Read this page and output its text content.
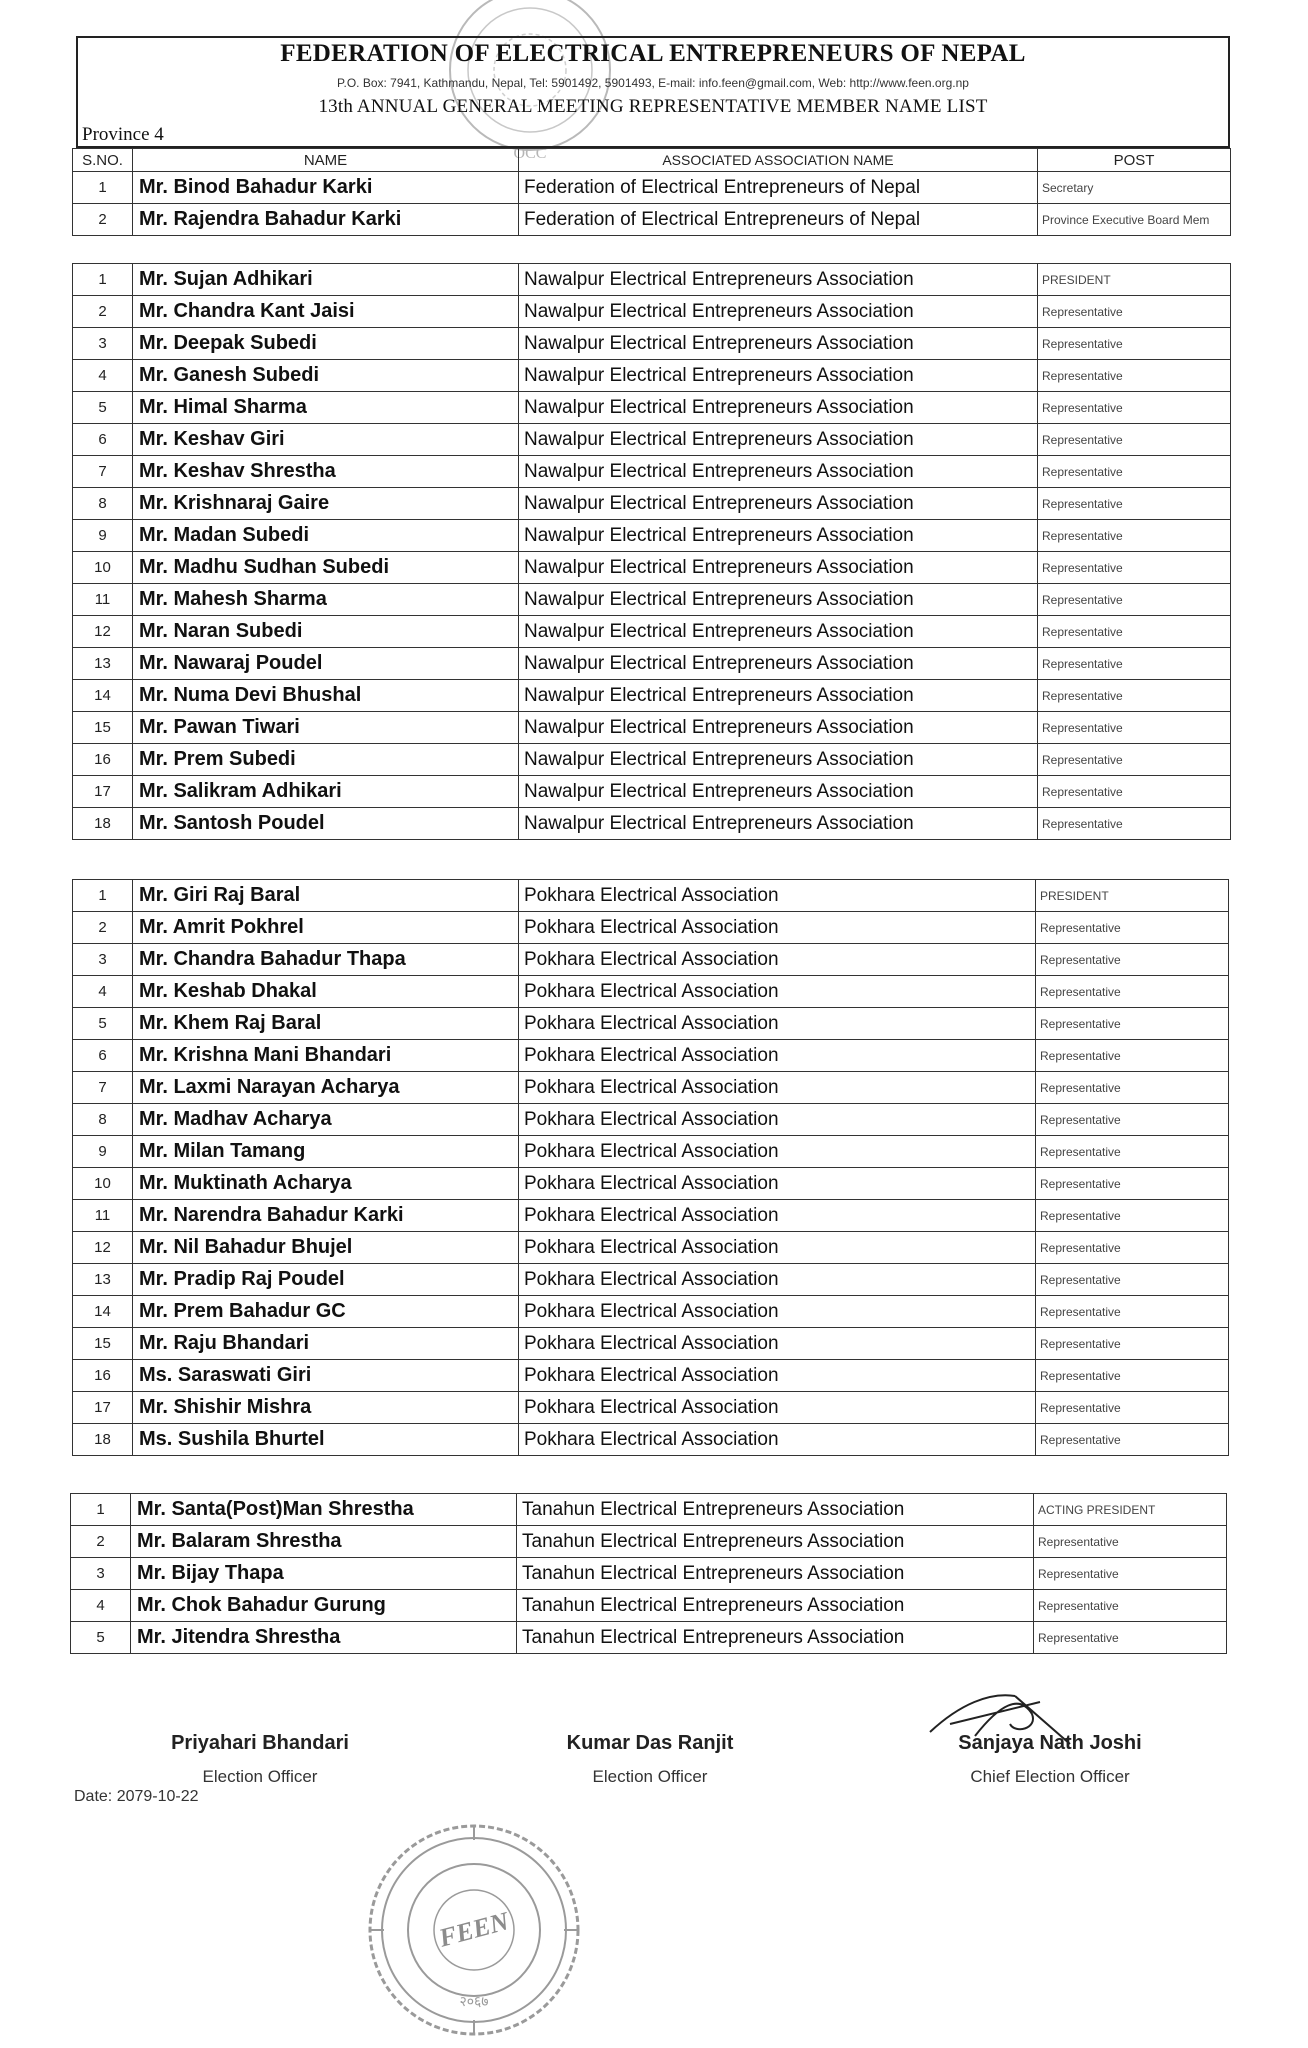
OCC
FEDERATION OF ELECTRICAL ENTREPRENEURS OF NEPAL
P.O. Box: 7941, Kathmandu, Nepal, Tel: 5901492, 5901493, E-mail: info.feen@gmail.com, Web: http://www.feen.org.np
13th ANNUAL GENERAL MEETING REPRESENTATIVE MEMBER NAME LIST
Province 4
S.NO.	NAME	ASSOCIATED ASSOCIATION NAME	POST
1	Mr. Binod Bahadur Karki	Federation of Electrical Entrepreneurs of Nepal	Secretary
2	Mr. Rajendra Bahadur Karki	Federation of Electrical Entrepreneurs of Nepal	Province Executive Board Mem
1	Mr. Sujan Adhikari	Nawalpur Electrical Entrepreneurs Association	PRESIDENT
2	Mr. Chandra Kant Jaisi	Nawalpur Electrical Entrepreneurs Association	Representative
3	Mr. Deepak Subedi	Nawalpur Electrical Entrepreneurs Association	Representative
4	Mr. Ganesh Subedi	Nawalpur Electrical Entrepreneurs Association	Representative
5	Mr. Himal Sharma	Nawalpur Electrical Entrepreneurs Association	Representative
6	Mr. Keshav Giri	Nawalpur Electrical Entrepreneurs Association	Representative
7	Mr. Keshav Shrestha	Nawalpur Electrical Entrepreneurs Association	Representative
8	Mr. Krishnaraj Gaire	Nawalpur Electrical Entrepreneurs Association	Representative
9	Mr. Madan Subedi	Nawalpur Electrical Entrepreneurs Association	Representative
10	Mr. Madhu Sudhan Subedi	Nawalpur Electrical Entrepreneurs Association	Representative
11	Mr. Mahesh Sharma	Nawalpur Electrical Entrepreneurs Association	Representative
12	Mr. Naran Subedi	Nawalpur Electrical Entrepreneurs Association	Representative
13	Mr. Nawaraj Poudel	Nawalpur Electrical Entrepreneurs Association	Representative
14	Mr. Numa Devi Bhushal	Nawalpur Electrical Entrepreneurs Association	Representative
15	Mr. Pawan Tiwari	Nawalpur Electrical Entrepreneurs Association	Representative
16	Mr. Prem Subedi	Nawalpur Electrical Entrepreneurs Association	Representative
17	Mr. Salikram Adhikari	Nawalpur Electrical Entrepreneurs Association	Representative
18	Mr. Santosh Poudel	Nawalpur Electrical Entrepreneurs Association	Representative
1	Mr. Giri Raj Baral	Pokhara Electrical Association	PRESIDENT
2	Mr. Amrit Pokhrel	Pokhara Electrical Association	Representative
3	Mr. Chandra Bahadur Thapa	Pokhara Electrical Association	Representative
4	Mr. Keshab Dhakal	Pokhara Electrical Association	Representative
5	Mr. Khem Raj Baral	Pokhara Electrical Association	Representative
6	Mr. Krishna Mani Bhandari	Pokhara Electrical Association	Representative
7	Mr. Laxmi Narayan Acharya	Pokhara Electrical Association	Representative
8	Mr. Madhav Acharya	Pokhara Electrical Association	Representative
9	Mr. Milan Tamang	Pokhara Electrical Association	Representative
10	Mr. Muktinath Acharya	Pokhara Electrical Association	Representative
11	Mr. Narendra Bahadur Karki	Pokhara Electrical Association	Representative
12	Mr. Nil Bahadur Bhujel	Pokhara Electrical Association	Representative
13	Mr. Pradip Raj Poudel	Pokhara Electrical Association	Representative
14	Mr. Prem Bahadur GC	Pokhara Electrical Association	Representative
15	Mr. Raju Bhandari	Pokhara Electrical Association	Representative
16	Ms. Saraswati Giri	Pokhara Electrical Association	Representative
17	Mr. Shishir Mishra	Pokhara Electrical Association	Representative
18	Ms. Sushila Bhurtel	Pokhara Electrical Association	Representative
1	Mr. Santa(Post)Man Shrestha	Tanahun Electrical Entrepreneurs Association	ACTING PRESIDENT
2	Mr. Balaram Shrestha	Tanahun Electrical Entrepreneurs Association	Representative
3	Mr. Bijay Thapa	Tanahun Electrical Entrepreneurs Association	Representative
4	Mr. Chok Bahadur Gurung	Tanahun Electrical Entrepreneurs Association	Representative
5	Mr. Jitendra Shrestha	Tanahun Electrical Entrepreneurs Association	Representative
Priyahari Bhandari
Election Officer
Kumar Das Ranjit
Election Officer
Sanjaya Nath Joshi
Chief Election Officer
Date: 2079-10-22
FEEN
२०६७
